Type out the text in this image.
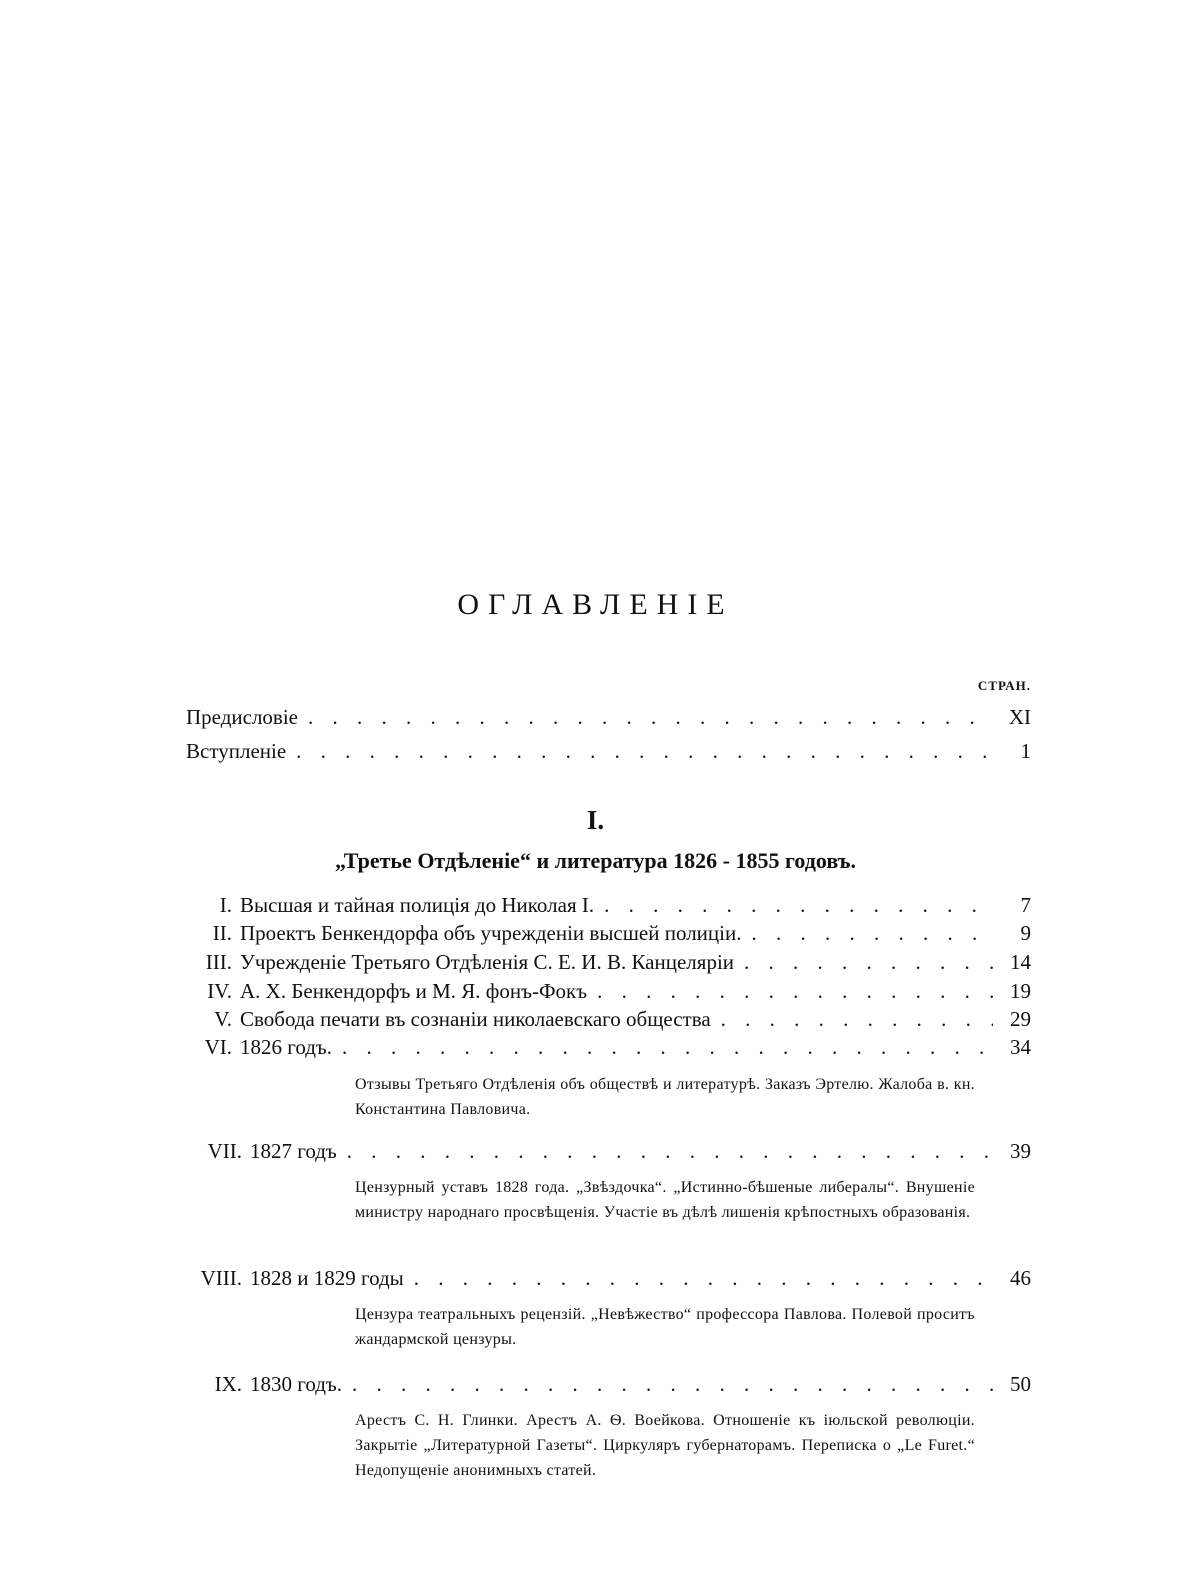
ОГЛАВЛЕНІЕ
СТРАН.
Предисловіе . . .	XI
Вступленіе . . .	1
I.
„Третье Отдѣленіе“ и литература 1826 - 1855 годовъ.
I. Высшая и тайная полиція до Николая I. . . .	7
II. Проектъ Бенкендорфа объ учрежденіи высшей полиціи. . . .	9
III. Учрежденіе Третьяго Отдѣленія С. Е. И. В. Канцеляріи . . .	14
IV. А. Х. Бенкендорфъ и М. Я. фонъ-Фокъ . . .	19
V. Свобода печати въ сознаніи николаевскаго общества . . .	29
VI. 1826 годъ. . . .	34
Отзывы Третьяго Отдѣленія объ обществѣ и литературѣ. Заказъ Эртелю. Жалоба в. кн. Константина Павловича.
VII. 1827 годъ . . .	39
Цензурный уставъ 1828 года. „Звѣздочка“. „Истинно-бѣшеные либералы“. Внушеніе министру народнаго просвѣщенія. Участіе въ дѣлѣ лишенія крѣпостныхъ образованія.
VIII. 1828 и 1829 годы . . .	46
Цензура театральныхъ рецензій. „Невѣжество“ профессора Павлова. Полевой проситъ жандармской цензуры.
IX. 1830 годъ. . . .	50
Арестъ С. Н. Глинки. Арестъ А. Ѳ. Воейкова. Отношеніе къ іюльской революціи. Закрытіе „Литературной Газеты“. Циркуляръ губернаторамъ. Переписка о „Le Furet.“ Недопущеніе анонимныхъ статей.
